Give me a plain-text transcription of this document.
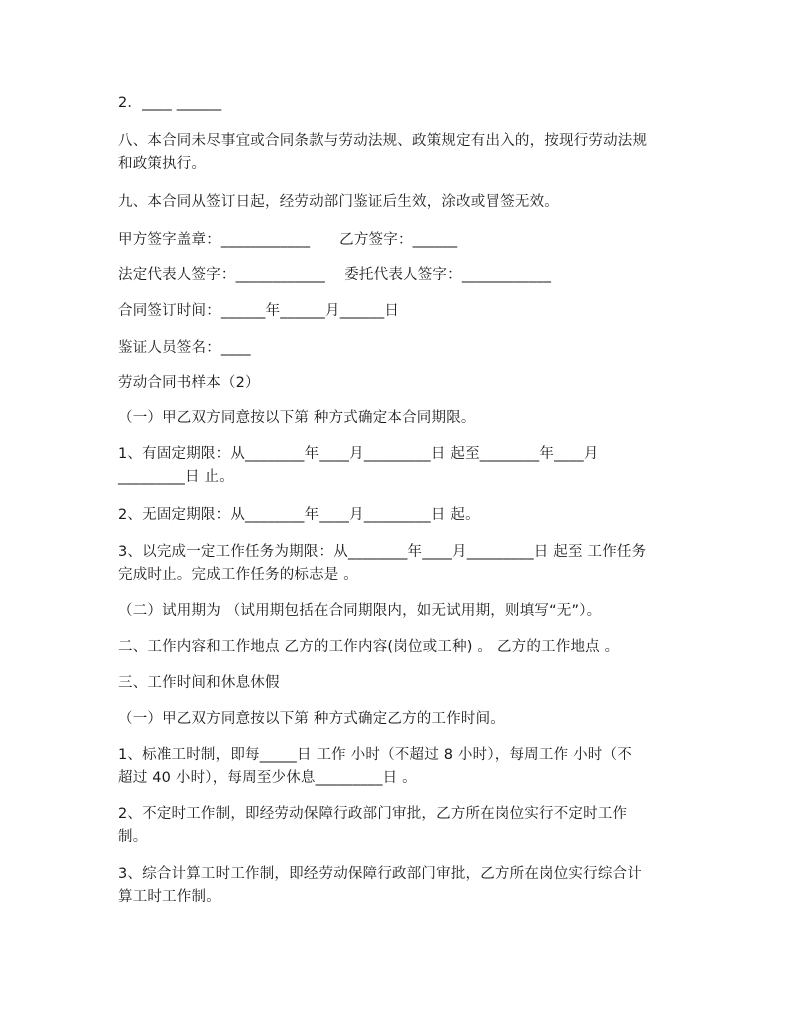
2．____ ______
八、本合同未尽事宜或合同条款与劳动法规、政策规定有出入的，按现行劳动法规
和政策执行。
九、本合同从签订日起，经劳动部门鉴证后生效，涂改或冒签无效。
甲方签字盖章：____________      乙方签字：______
法定代表人签字：____________    委托代表人签字：____________
合同签订时间：______年______月______日
鉴证人员签名：____
劳动合同书样本（2）
（一）甲乙双方同意按以下第 种方式确定本合同期限。
1、有固定期限：从________年____月_________日 起至________年____月
_________日 止。
2、无固定期限：从________年____月_________日 起。
3、以完成一定工作任务为期限：从________年____月_________日 起至 工作任务
完成时止。完成工作任务的标志是 。
（二）试用期为 （试用期包括在合同期限内，如无试用期，则填写“无”）。
二、工作内容和工作地点 乙方的工作内容(岗位或工种) 。 乙方的工作地点 。
三、工作时间和休息休假
（一）甲乙双方同意按以下第 种方式确定乙方的工作时间。
1、标准工时制，即每_____日 工作 小时（不超过 8 小时），每周工作 小时（不
超过 40 小时），每周至少休息_________日 。
2、不定时工作制，即经劳动保障行政部门审批，乙方所在岗位实行不定时工作
制。
3、综合计算工时工作制，即经劳动保障行政部门审批，乙方所在岗位实行综合计
算工时工作制。
